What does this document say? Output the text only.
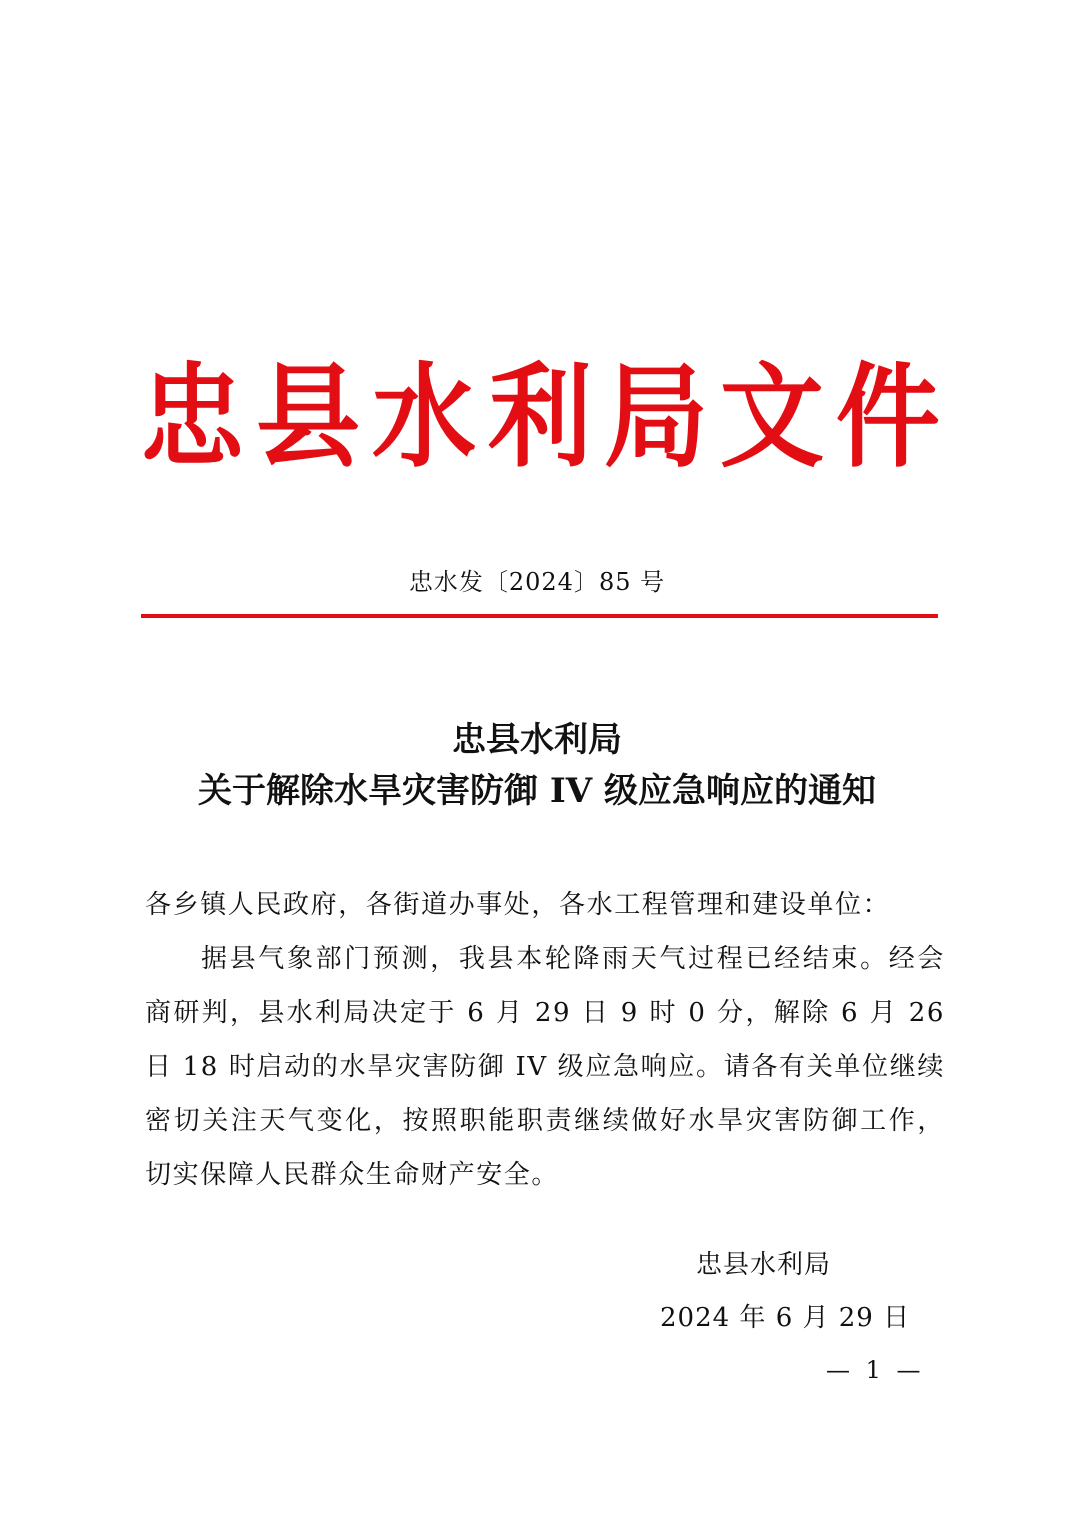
忠 县 水 利 局 文 件
忠水发〔2024〕85 号
忠县水利局
关于解除水旱灾害防御 IV 级应急响应的通知

各乡镇人民政府，各街道办事处，各水工程管理和建设单位：

据县气象部门预测，我县本轮降雨天气过程已经结束。经会商研判，县水利局决定于 6 月 29 日 9 时 0 分，解除 6 月 26 日 18 时启动的水旱灾害防御 IV 级应急响应。请各有关单位继续密切关注天气变化，按照职能职责继续做好水旱灾害防御工作，切实保障人民群众生命财产安全。

忠县水利局
2024 年 6 月 29 日
— 1 —
